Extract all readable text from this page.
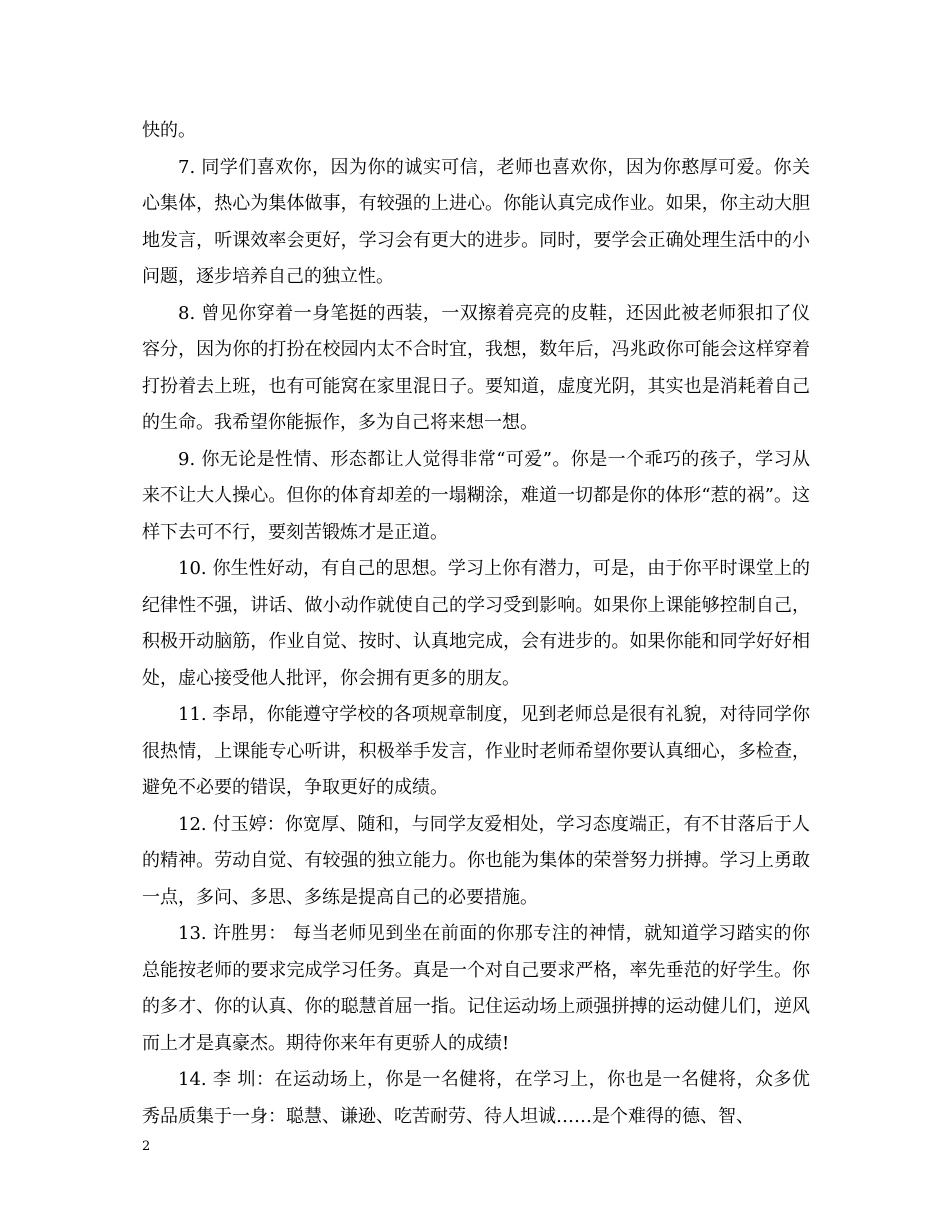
快的。

7. 同学们喜欢你，因为你的诚实可信，老师也喜欢你，因为你憨厚可爱。你关心集体，热心为集体做事，有较强的上进心。你能认真完成作业。如果，你主动大胆地发言，听课效率会更好，学习会有更大的进步。同时，要学会正确处理生活中的小问题，逐步培养自己的独立性。

8. 曾见你穿着一身笔挺的西装，一双擦着亮亮的皮鞋，还因此被老师狠扣了仪容分，因为你的打扮在校园内太不合时宜，我想，数年后，冯兆政你可能会这样穿着打扮着去上班，也有可能窝在家里混日子。要知道，虚度光阴，其实也是消耗着自己的生命。我希望你能振作，多为自己将来想一想。

9. 你无论是性情、形态都让人觉得非常“可爱”。你是一个乖巧的孩子，学习从来不让大人操心。但你的体育却差的一塌糊涂，难道一切都是你的体形“惹的祸”。这样下去可不行，要刻苦锻炼才是正道。

10. 你生性好动，有自己的思想。学习上你有潜力，可是，由于你平时课堂上的纪律性不强，讲话、做小动作就使自己的学习受到影响。如果你上课能够控制自己，积极开动脑筋，作业自觉、按时、认真地完成，会有进步的。如果你能和同学好好相处，虚心接受他人批评，你会拥有更多的朋友。

11. 李昂，你能遵守学校的各项规章制度，见到老师总是很有礼貌，对待同学你很热情，上课能专心听讲，积极举手发言，作业时老师希望你要认真细心，多检查，避免不必要的错误，争取更好的成绩。

12. 付玉婷：你宽厚、随和，与同学友爱相处，学习态度端正，有不甘落后于人的精神。劳动自觉、有较强的独立能力。你也能为集体的荣誉努力拼搏。学习上勇敢一点，多问、多思、多练是提高自己的必要措施。

13. 许胜男： 每当老师见到坐在前面的你那专注的神情，就知道学习踏实的你总能按老师的要求完成学习任务。真是一个对自己要求严格，率先垂范的好学生。你的多才、你的认真、你的聪慧首屈一指。记住运动场上顽强拼搏的运动健儿们，逆风而上才是真豪杰。期待你来年有更骄人的成绩!

14. 李 圳：在运动场上，你是一名健将，在学习上，你也是一名健将，众多优秀品质集于一身：聪慧、谦逊、吃苦耐劳、待人坦诚……是个难得的德、智、

2
